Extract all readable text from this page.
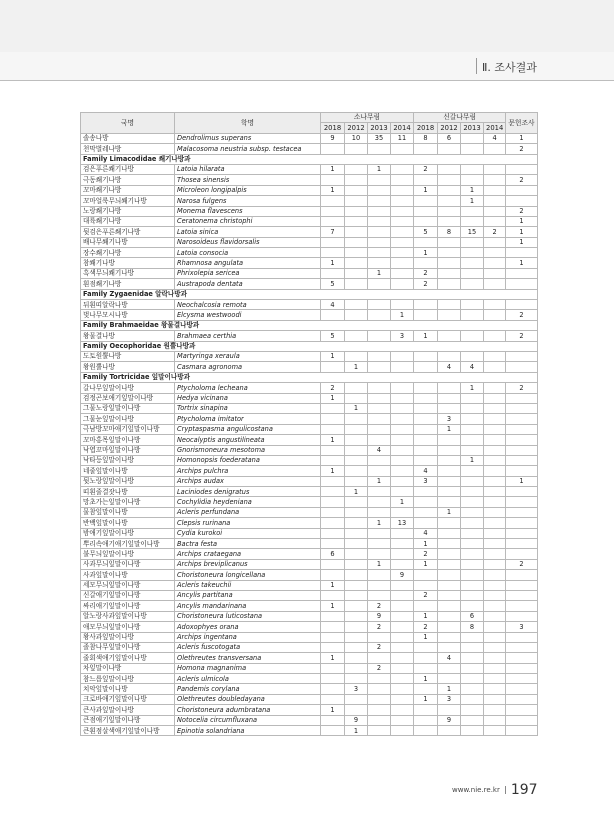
Ⅱ. 조사결과
국명	학명	소나무림				신갈나무림				문헌조사
		2018	2012	2013	2014	2018	2012	2013	2014	
솔송나방	Dendrolimus superans	9	10	35	11	8	6		4	1
천막벌레나방	Malacosoma neustria subsp. testacea									2
Family Limacodidae 쐐기나방과										
검은푸른쐐기나방	Latoia hilarata	1		1		2				
극동쐐기나방	Thosea sinensis									2
꼬마쐐기나방	Microleon longipalpis	1				1		1		
꼬마얼룩무늬쐐기나방	Narosa fulgens							1		
노랑쐐기나방	Monema flavescens									2
대륙쐐기나방	Ceratonema christophi									1
뒷검은푸른쐐기나방	Latoia sinica	7				5	8	15	2	1
배나무쐐기나방	Narosoideus flavidorsalis									1
장수쐐기나방	Latoia consocia					1				
참쐐기나방	Rhamnosa angulata	1								1
흑색무늬쐐기나방	Phrixolepia sericea			1		2				
흰점쐐기나방	Austrapoda dentata	5				2				
Family Zygaenidae 알락나방과										
뒤흰띠알락나방	Neochalcosia remota	4								
벚나무모시나방	Elcysma westwoodi				1					2
Family Brahmaeidae 왕물결나방과										
왕물결나방	Brahmaea certhia	5			3	1				2
Family Oecophoridae 원뿔나방과										
도토원뿔나방	Martyringa xeraula	1								
왕원뿔나방	Casmara agronoma		1				4	4		
Family Tortricidae 잎말이나방과										
갈나무잎말이나방	Ptycholoma lecheana	2						1		2
검정곤보애기잎말이나방	Hedya vicinana	1								
그물노랑잎말이나방	Tortrix sinapina		1							
그물눈잎말이나방	Ptycholoma imitator						3			
극남방꼬마애기잎말이나방	Cryptaspasma angulicostana						1			
꼬마홍목잎말이나방	Neocalyptis angustilineata	1								
낙엽꼬마잎말이나방	Gnorismoneura mesotoma			4						
낙타등잎말이나방	Homonopsis foederatana							1		
네줄잎말이나방	Archips pulchra	1				4				
뒷노랑잎말이나방	Archips audax			1		3				1
띠흰줄결잣나방	Laciniodes denigratus		1							
망초가는잎말이나방	Cochylidia heydeniana				1					
물참잎말이나방	Acleris perfundana						1			
반백잎말이나방	Clepsis rurinana			1	13					
밤애기잎말이나방	Cydia kurokoi					4				
뿌리속애기애기잎말이나방	Bactra festa					1				
불무늬잎말이나방	Archips crataegana	6				2				
사과무늬잎말이나방	Archips breviplicanus			1		1				2
사과잎말이나방	Choristoneura longicellana				9					
세모무늬잎말이나방	Acleris takeuchii	1								
신갈애기잎말이나방	Ancylis partitana					2				
싸리애기잎말이나방	Ancylis mandarinana	1		2						
알노랑사과잎말이나방	Choristoneura luticostana			9		1		6		
애모무늬잎말이나방	Adoxophyes orana			2		2		8		3
왕사과잎말이나방	Archips ingentana					1				
졸참나무잎말이나방	Acleris fuscotogata			2						
줄회색애기잎말이나방	Olethreutes transversana	1					4			
차잎말이나방	Homona magnanima			2						
참느릅잎말이나방	Acleris ulmicola					1				
치악잎말이나방	Pandemis corylana		3				1			
크로바애기잎말이나방	Olethreutes doubledayana					1	3			
큰사과잎말이나방	Choristoneura adumbratana	1								
큰점애기잎말이나방	Notocelia circumfluxana		9				9			
큰흰점살색애기잎말이나방	Epinotia solandriana		1							
www.nie.re.kr 197
